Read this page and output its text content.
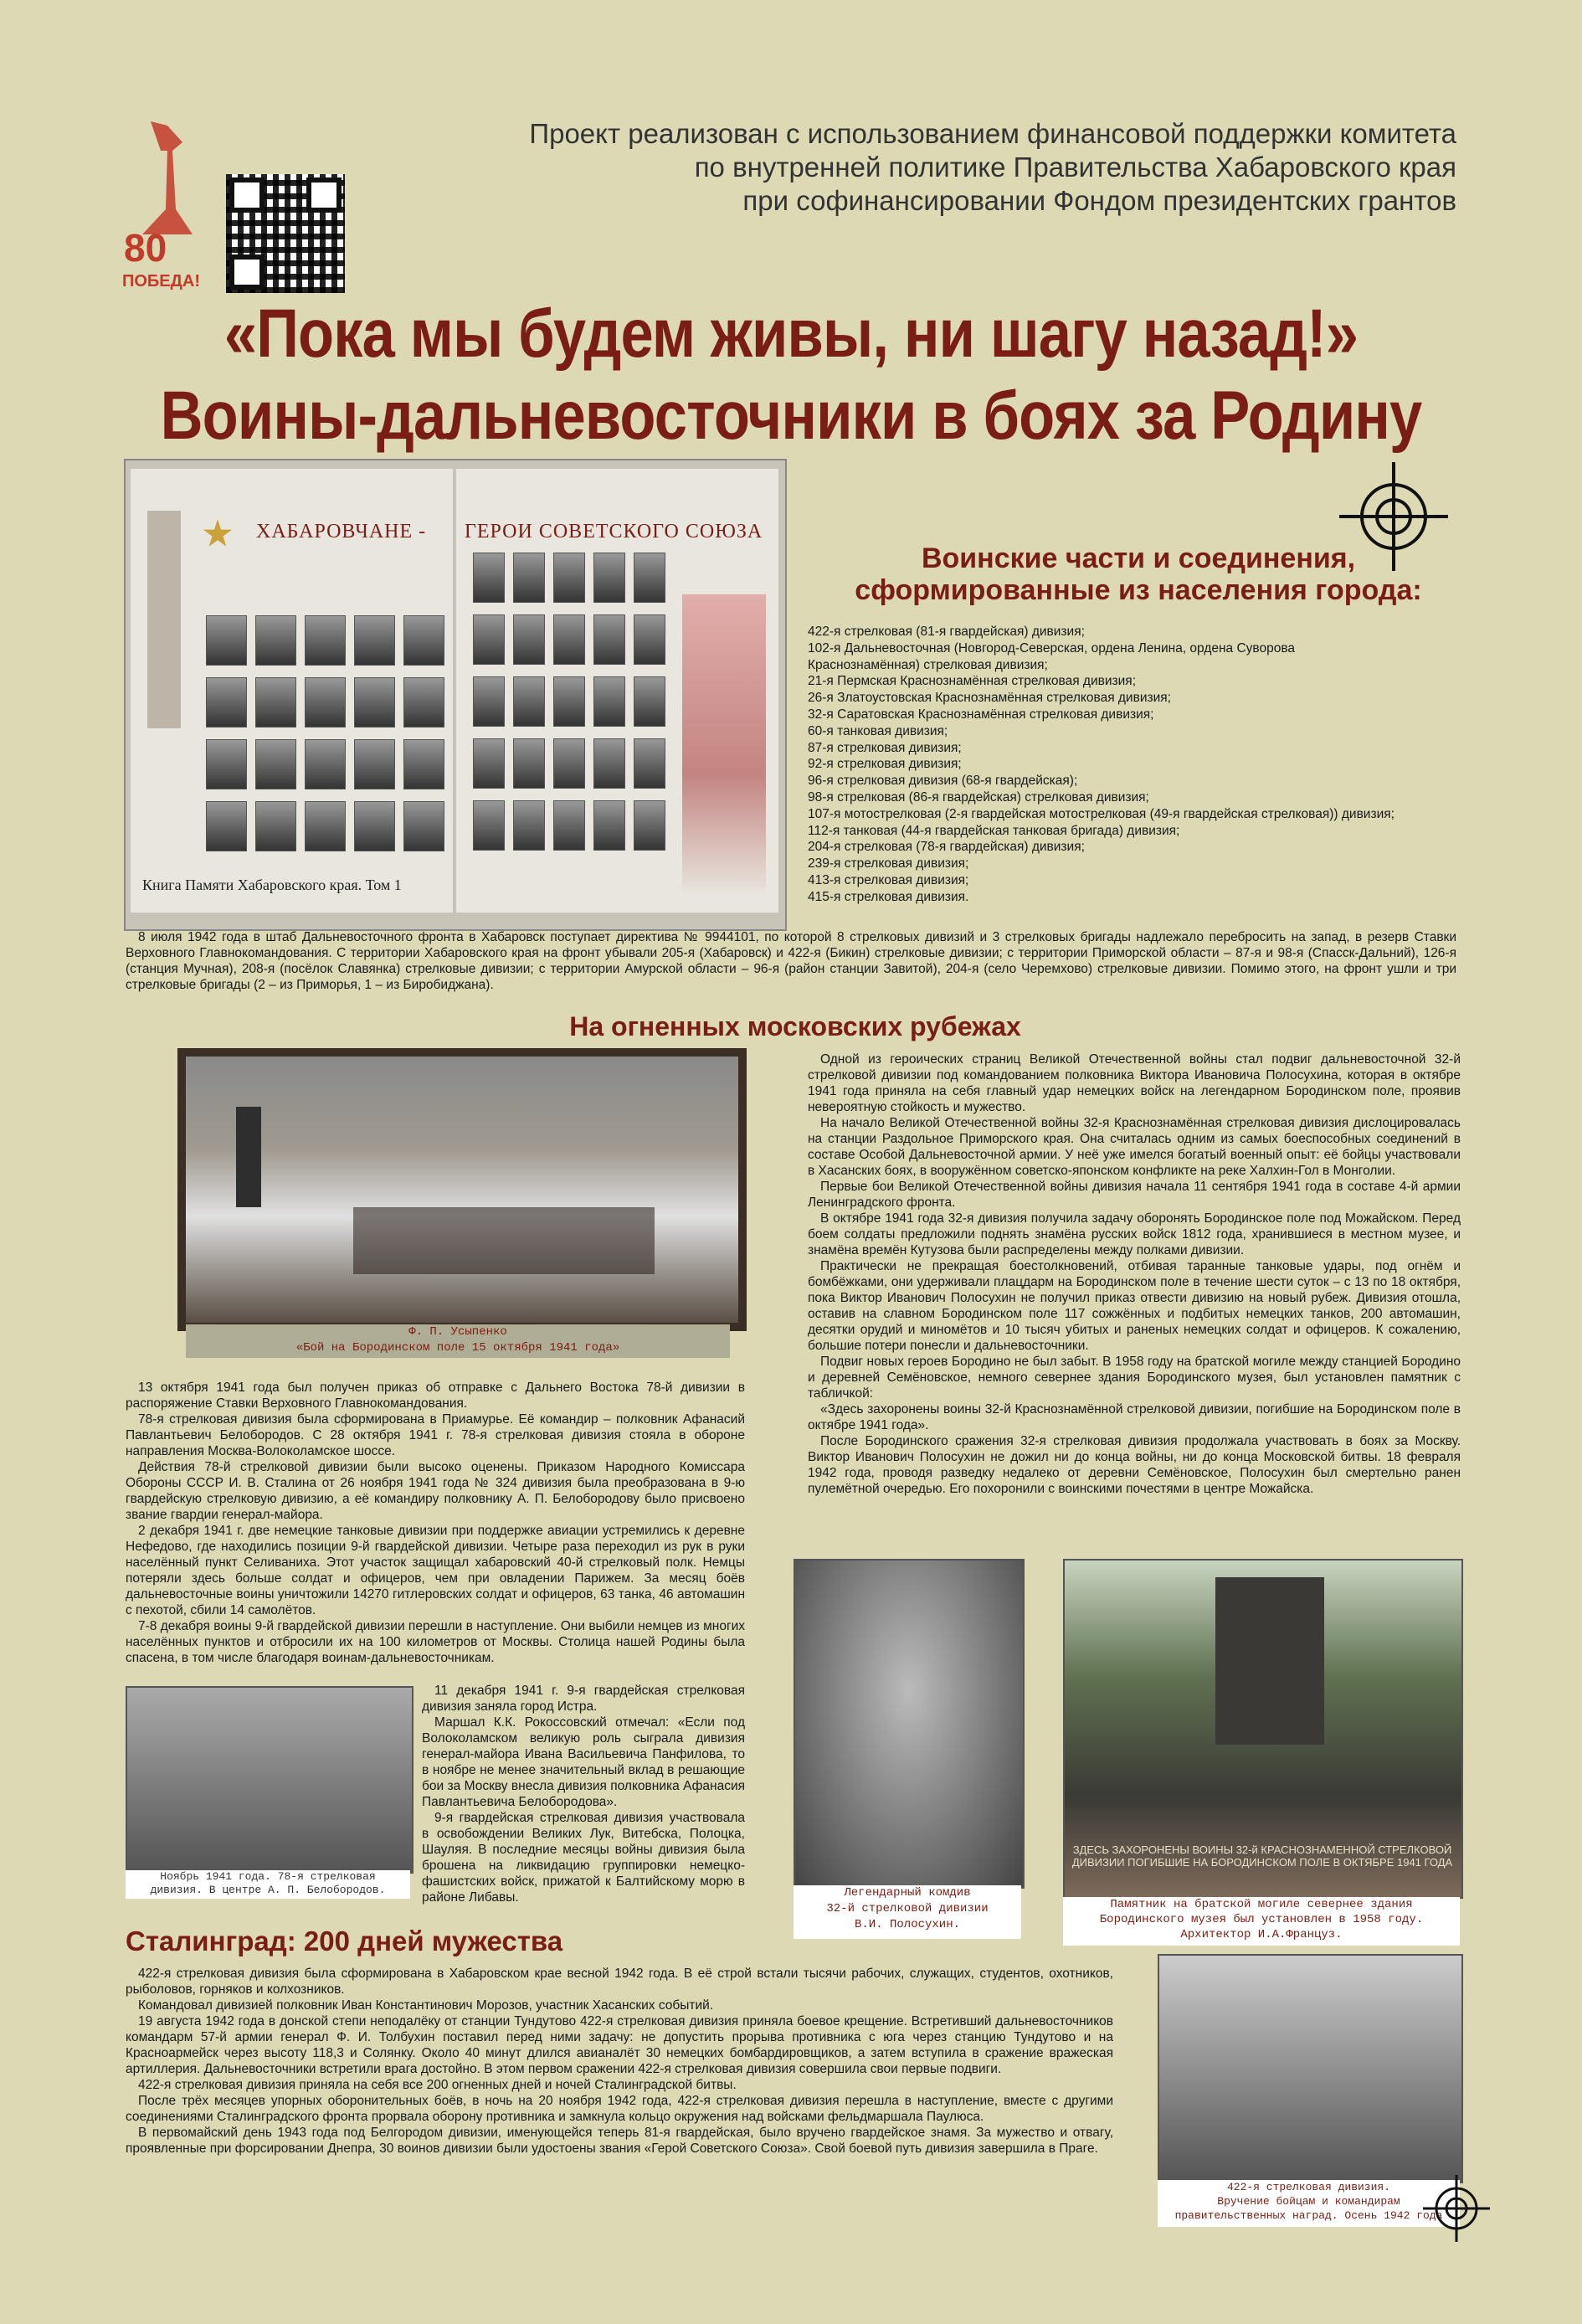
80
ПОБЕДА!
Проект реализован с использованием финансовой поддержки комитета
по внутренней политике Правительства Хабаровского края
при софинансировании Фондом президентских грантов
«Пока мы будем живы, ни шагу назад!»
Воины-дальневосточники в боях за Родину
ХАБАРОВЧАНЕ -
Книга Памяти Хабаровского края. Том 1
ГЕРОИ СОВЕТСКОГО СОЮЗА
Воинские части и соединения,
сформированные из населения города:
422-я стрелковая (81-я гвардейская) дивизия;
102-я Дальневосточная (Новгород-Северская, ордена Ленина, ордена Суворова
Краснознамённая) стрелковая дивизия;
21-я Пермская Краснознамённая стрелковая дивизия;
26-я Златоустовская Краснознамённая стрелковая дивизия;
32-я Саратовская Краснознамённая стрелковая дивизия;
60-я танковая дивизия;
87-я стрелковая дивизия;
92-я стрелковая дивизия;
96-я стрелковая дивизия (68-я гвардейская);
98-я стрелковая (86-я гвардейская) стрелковая дивизия;
107-я мотострелковая (2-я гвардейская мотострелковая (49-я гвардейская стрелковая)) дивизия;
112-я танковая (44-я гвардейская танковая бригада) дивизия;
204-я стрелковая (78-я гвардейская) дивизия;
239-я стрелковая дивизия;
413-я стрелковая дивизия;
415-я стрелковая дивизия.
8 июля 1942 года в штаб Дальневосточного фронта в Хабаровск поступает директива № 9944101, по которой 8 стрелковых дивизий и 3 стрелковых бригады надлежало перебросить на запад, в резерв Ставки Верховного Главнокомандования. С территории Хабаровского края на фронт убывали 205-я (Хабаровск) и 422-я (Бикин) стрелковые дивизии; с территории Приморской области – 87-я и 98-я (Спасск-Дальний), 126-я (станция Мучная), 208-я (посёлок Славянка) стрелковые дивизии; с территории Амурской области – 96-я (район станции Завитой), 204-я (село Черемхово) стрелковые дивизии. Помимо этого, на фронт ушли и три стрелковые бригады (2 – из Приморья, 1 – из Биробиджана).
На огненных московских рубежах
Ф. П. Усыпенко
«Бой на Бородинском поле 15 октября 1941 года»

Одной из героических страниц Великой Отечественной войны стал подвиг дальневосточной 32-й стрелковой дивизии под командованием полковника Виктора Ивановича Полосухина, которая в октябре 1941 года приняла на себя главный удар немецких войск на легендарном Бородинском поле, проявив невероятную стойкость и мужество.

На начало Великой Отечественной войны 32-я Краснознамённая стрелковая дивизия дислоцировалась на станции Раздольное Приморского края. Она считалась одним из самых боеспособных соединений в составе Особой Дальневосточной армии. У неё уже имелся богатый военный опыт: её бойцы участвовали в Хасанских боях, в вооружённом советско-японском конфликте на реке Халхин-Гол в Монголии.

Первые бои Великой Отечественной войны дивизия начала 11 сентября 1941 года в составе 4-й армии Ленинградского фронта.

В октябре 1941 года 32-я дивизия получила задачу оборонять Бородинское поле под Можайском. Перед боем солдаты предложили поднять знамёна русских войск 1812 года, хранившиеся в местном музее, и знамёна времён Кутузова были распределены между полками дивизии.

Практически не прекращая боестолкновений, отбивая таранные танковые удары, под огнём и бомбёжками, они удерживали плацдарм на Бородинском поле в течение шести суток – с 13 по 18 октября, пока Виктор Иванович Полосухин не получил приказ отвести дивизию на новый рубеж. Дивизия отошла, оставив на славном Бородинском поле 117 сожжённых и подбитых немецких танков, 200 автомашин, десятки орудий и миномётов и 10 тысяч убитых и раненых немецких солдат и офицеров. К сожалению, большие потери понесли и дальневосточники.

Подвиг новых героев Бородино не был забыт. В 1958 году на братской могиле между станцией Бородино и деревней Семёновское, немного севернее здания Бородинского музея, был установлен памятник с табличкой:

«Здесь захоронены воины 32-й Краснознамённой стрелковой дивизии, погибшие на Бородинском поле в октябре 1941 года».

После Бородинского сражения 32-я стрелковая дивизия продолжала участвовать в боях за Москву. Виктор Иванович Полосухин не дожил ни до конца войны, ни до конца Московской битвы. 18 февраля 1942 года, проводя разведку недалеко от деревни Семёновское, Полосухин был смертельно ранен пулемётной очередью. Его похоронили с воинскими почестями в центре Можайска.

13 октября 1941 года был получен приказ об отправке с Дальнего Востока 78-й дивизии в распоряжение Ставки Верховного Главнокомандования.

78-я стрелковая дивизия была сформирована в Приамурье. Её командир – полковник Афанасий Павлантьевич Белобородов. С 28 октября 1941 г. 78-я стрелковая дивизия стояла в обороне направления Москва-Волоколамское шоссе.

Действия 78-й стрелковой дивизии были высоко оценены. Приказом Народного Комиссара Обороны СССР И. В. Сталина от 26 ноября 1941 года № 324 дивизия была преобразована в 9-ю гвардейскую стрелковую дивизию, а её командиру полковнику А. П. Белобородову было присвоено звание гвардии генерал-майора.

2 декабря 1941 г. две немецкие танковые дивизии при поддержке авиации устремились к деревне Нефедово, где находились позиции 9-й гвардейской дивизии. Четыре раза переходил из рук в руки населённый пункт Селиваниха. Этот участок защищал хабаровский 40-й стрелковый полк. Немцы потеряли здесь больше солдат и офицеров, чем при овладении Парижем. За месяц боёв дальневосточные воины уничтожили 14270 гитлеровских солдат и офицеров, 63 танка, 46 автомашин с пехотой, сбили 14 самолётов.

7-8 декабря воины 9-й гвардейской дивизии перешли в наступление. Они выбили немцев из многих населённых пунктов и отбросили их на 100 километров от Москвы. Столица нашей Родины была спасена, в том числе благодаря воинам-дальневосточникам.

Ноябрь 1941 года. 78-я стрелковая
дивизия. В центре А. П. Белобородов.

11 декабря 1941 г. 9-я гвардейская стрелковая дивизия заняла город Истра.

Маршал К.К. Рокоссовский отмечал: «Если под Волоколамском великую роль сыграла дивизия генерал-майора Ивана Васильевича Панфилова, то в ноябре не менее значительный вклад в решающие бои за Москву внесла дивизия полковника Афанасия Павлантьевича Белобородова».

9-я гвардейская стрелковая дивизия участвовала в освобождении Великих Лук, Витебска, Полоцка, Шауляя. В последние месяцы войны дивизия была брошена на ликвидацию группировки немецко-фашистских войск, прижатой к Балтийскому морю в районе Либавы.	Легендарный комдив
32-й стрелковой дивизии
В.И. Полосухин.
ЗДЕСЬ ЗАХОРОНЕНЫ ВОИНЫ 32-й КРАСНОЗНАМЕННОЙ СТРЕЛКОВОЙ ДИВИЗИИ ПОГИБШИЕ НА БОРОДИНСКОМ ПОЛЕ В ОКТЯБРЕ 1941 ГОДА
Памятник на братской могиле севернее здания
Бородинского музея был установлен в 1958 году.
Архитектор И.А.Француз.
Сталинград: 200 дней мужества

422-я стрелковая дивизия была сформирована в Хабаровском крае весной 1942 года. В её строй встали тысячи рабочих, служащих, студентов, охотников, рыболовов, горняков и колхозников.

Командовал дивизией полковник Иван Константинович Морозов, участник Хасанских событий.

19 августа 1942 года в донской степи неподалёку от станции Тундутово 422-я стрелковая дивизия приняла боевое крещение. Встретивший дальневосточников командарм 57-й армии генерал Ф. И. Толбухин поставил перед ними задачу: не допустить прорыва противника с юга через станцию Тундутово и на Красноармейск через высоту 118,3 и Солянку. Около 40 минут длился авианалёт 30 немецких бомбардировщиков, а затем вступила в сражение вражеская артиллерия. Дальневосточники встретили врага достойно. В этом первом сражении 422-я стрелковая дивизия совершила свои первые подвиги.

422-я стрелковая дивизия приняла на себя все 200 огненных дней и ночей Сталинградской битвы.

После трёх месяцев упорных оборонительных боёв, в ночь на 20 ноября 1942 года, 422-я стрелковая дивизия перешла в наступление, вместе с другими соединениями Сталинградского фронта прорвала оборону противника и замкнула кольцо окружения над войсками фельдмаршала Паулюса.

В первомайский день 1943 года под Белгородом дивизии, именующейся теперь 81-я гвардейская, было вручено гвардейское знамя. За мужество и отвагу, проявленные при форсировании Днепра, 30 воинов дивизии были удостоены звания «Герой Советского Союза». Свой боевой путь дивизия завершила в Праге.

422-я стрелковая дивизия.
Вручение бойцам и командирам
правительственных наград. Осень 1942 года
